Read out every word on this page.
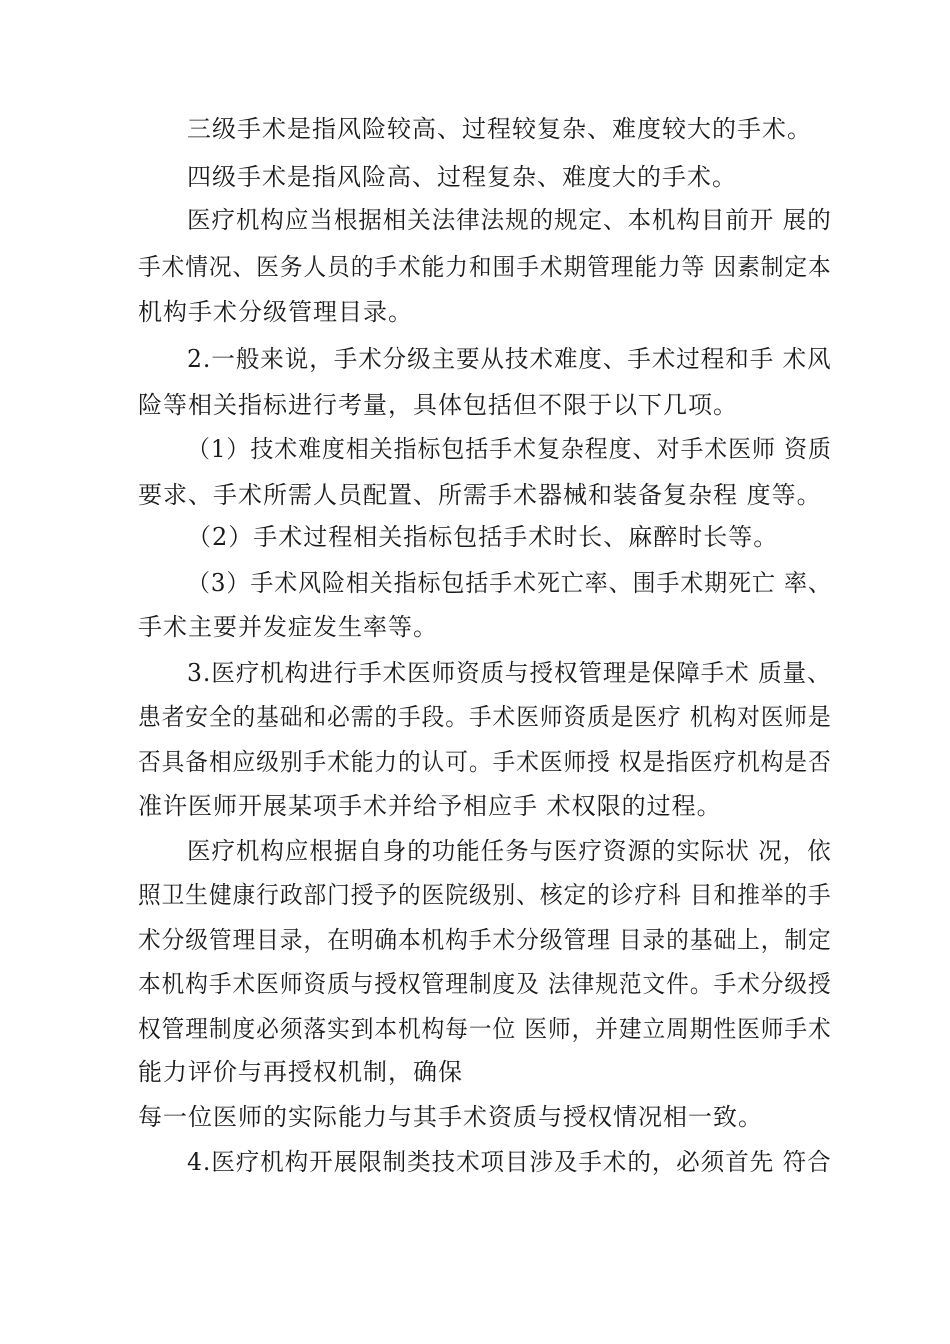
三级手术是指风险较高、过程较复杂、难度较大的手术。
四级手术是指风险高、过程复杂、难度大的手术。
医疗机构应当根据相关法律法规的规定、本机构目前开 展的
手术情况、医务人员的手术能力和围手术期管理能力等 因素制定本
机构手术分级管理目录。
2.一般来说，手术分级主要从技术难度、手术过程和手 术风
险等相关指标进行考量，具体包括但不限于以下几项。
（1）技术难度相关指标包括手术复杂程度、对手术医师 资质
要求、手术所需人员配置、所需手术器械和装备复杂程 度等。
（2）手术过程相关指标包括手术时长、麻醉时长等。
（3）手术风险相关指标包括手术死亡率、围手术期死亡 率、
手术主要并发症发生率等。
3.医疗机构进行手术医师资质与授权管理是保障手术 质量、
患者安全的基础和必需的手段。手术医师资质是医疗 机构对医师是
否具备相应级别手术能力的认可。手术医师授 权是指医疗机构是否
准许医师开展某项手术并给予相应手 术权限的过程。
医疗机构应根据自身的功能任务与医疗资源的实际状 况，依
照卫生健康行政部门授予的医院级别、核定的诊疗科 目和推举的手
术分级管理目录，在明确本机构手术分级管理 目录的基础上，制定
本机构手术医师资质与授权管理制度及 法律规范文件。手术分级授
权管理制度必须落实到本机构每一位 医师，并建立周期性医师手术
能力评价与再授权机制，确保
每一位医师的实际能力与其手术资质与授权情况相一致。
4.医疗机构开展限制类技术项目涉及手术的，必须首先 符合
